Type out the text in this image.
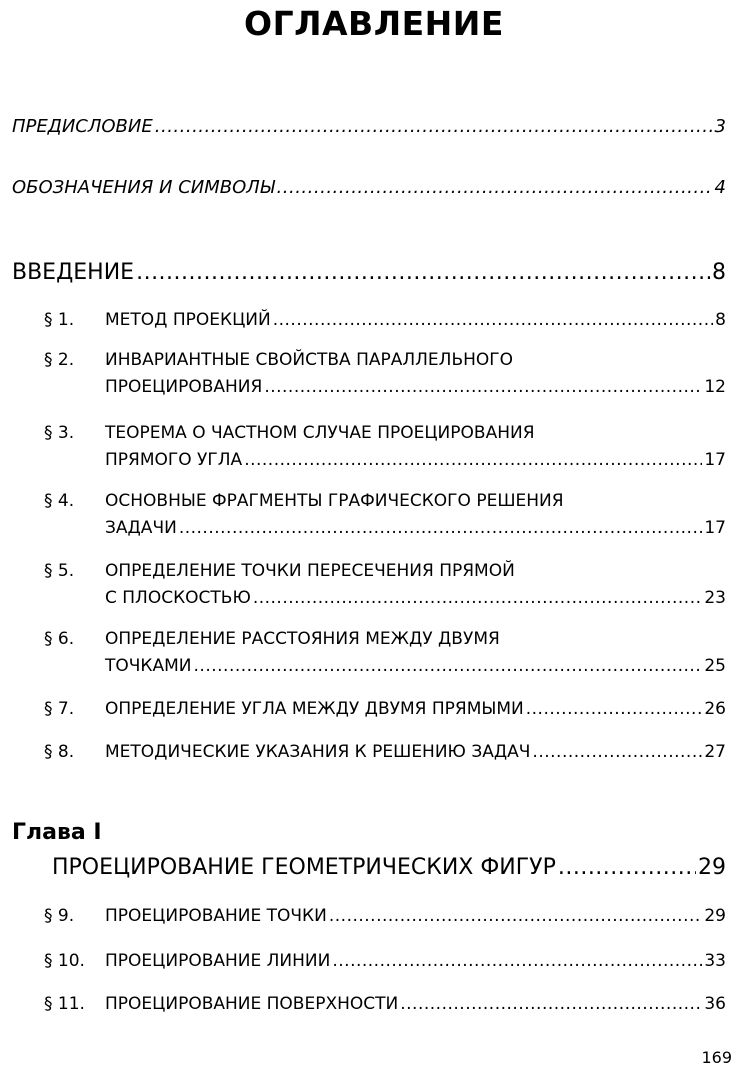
ОГЛАВЛЕНИЕ
ПРЕДИСЛОВИЕ .....	3
ОБОЗНАЧЕНИЯ И СИМВОЛЫ .....	4
ВВЕДЕНИЕ .....	8
§ 1. МЕТОД ПРОЕКЦИЙ .....	8
§ 2. ИНВАРИАНТНЫЕ СВОЙСТВА ПАРАЛЛЕЛЬНОГО
ПРОЕЦИРОВАНИЯ .....	12
§ 3. ТЕОРЕМА О ЧАСТНОМ СЛУЧАЕ ПРОЕЦИРОВАНИЯ
ПРЯМОГО УГЛА .....	17
§ 4. ОСНОВНЫЕ ФРАГМЕНТЫ ГРАФИЧЕСКОГО РЕШЕНИЯ
ЗАДАЧИ .....	17
§ 5. ОПРЕДЕЛЕНИЕ ТОЧКИ ПЕРЕСЕЧЕНИЯ ПРЯМОЙ
С ПЛОСКОСТЬЮ .....	23
§ 6. ОПРЕДЕЛЕНИЕ РАССТОЯНИЯ МЕЖДУ ДВУМЯ
ТОЧКАМИ .....	25
§ 7. ОПРЕДЕЛЕНИЕ УГЛА МЕЖДУ ДВУМЯ ПРЯМЫМИ .....	26
§ 8. МЕТОДИЧЕСКИЕ УКАЗАНИЯ К РЕШЕНИЮ ЗАДАЧ .....	27
Глава I
ПРОЕЦИРОВАНИЕ ГЕОМЕТРИЧЕСКИХ ФИГУР .....	29
§ 9. ПРОЕЦИРОВАНИЕ ТОЧКИ .....	29
§ 10. ПРОЕЦИРОВАНИЕ ЛИНИИ .....	33
§ 11. ПРОЕЦИРОВАНИЕ ПОВЕРХНОСТИ .....	36
169
